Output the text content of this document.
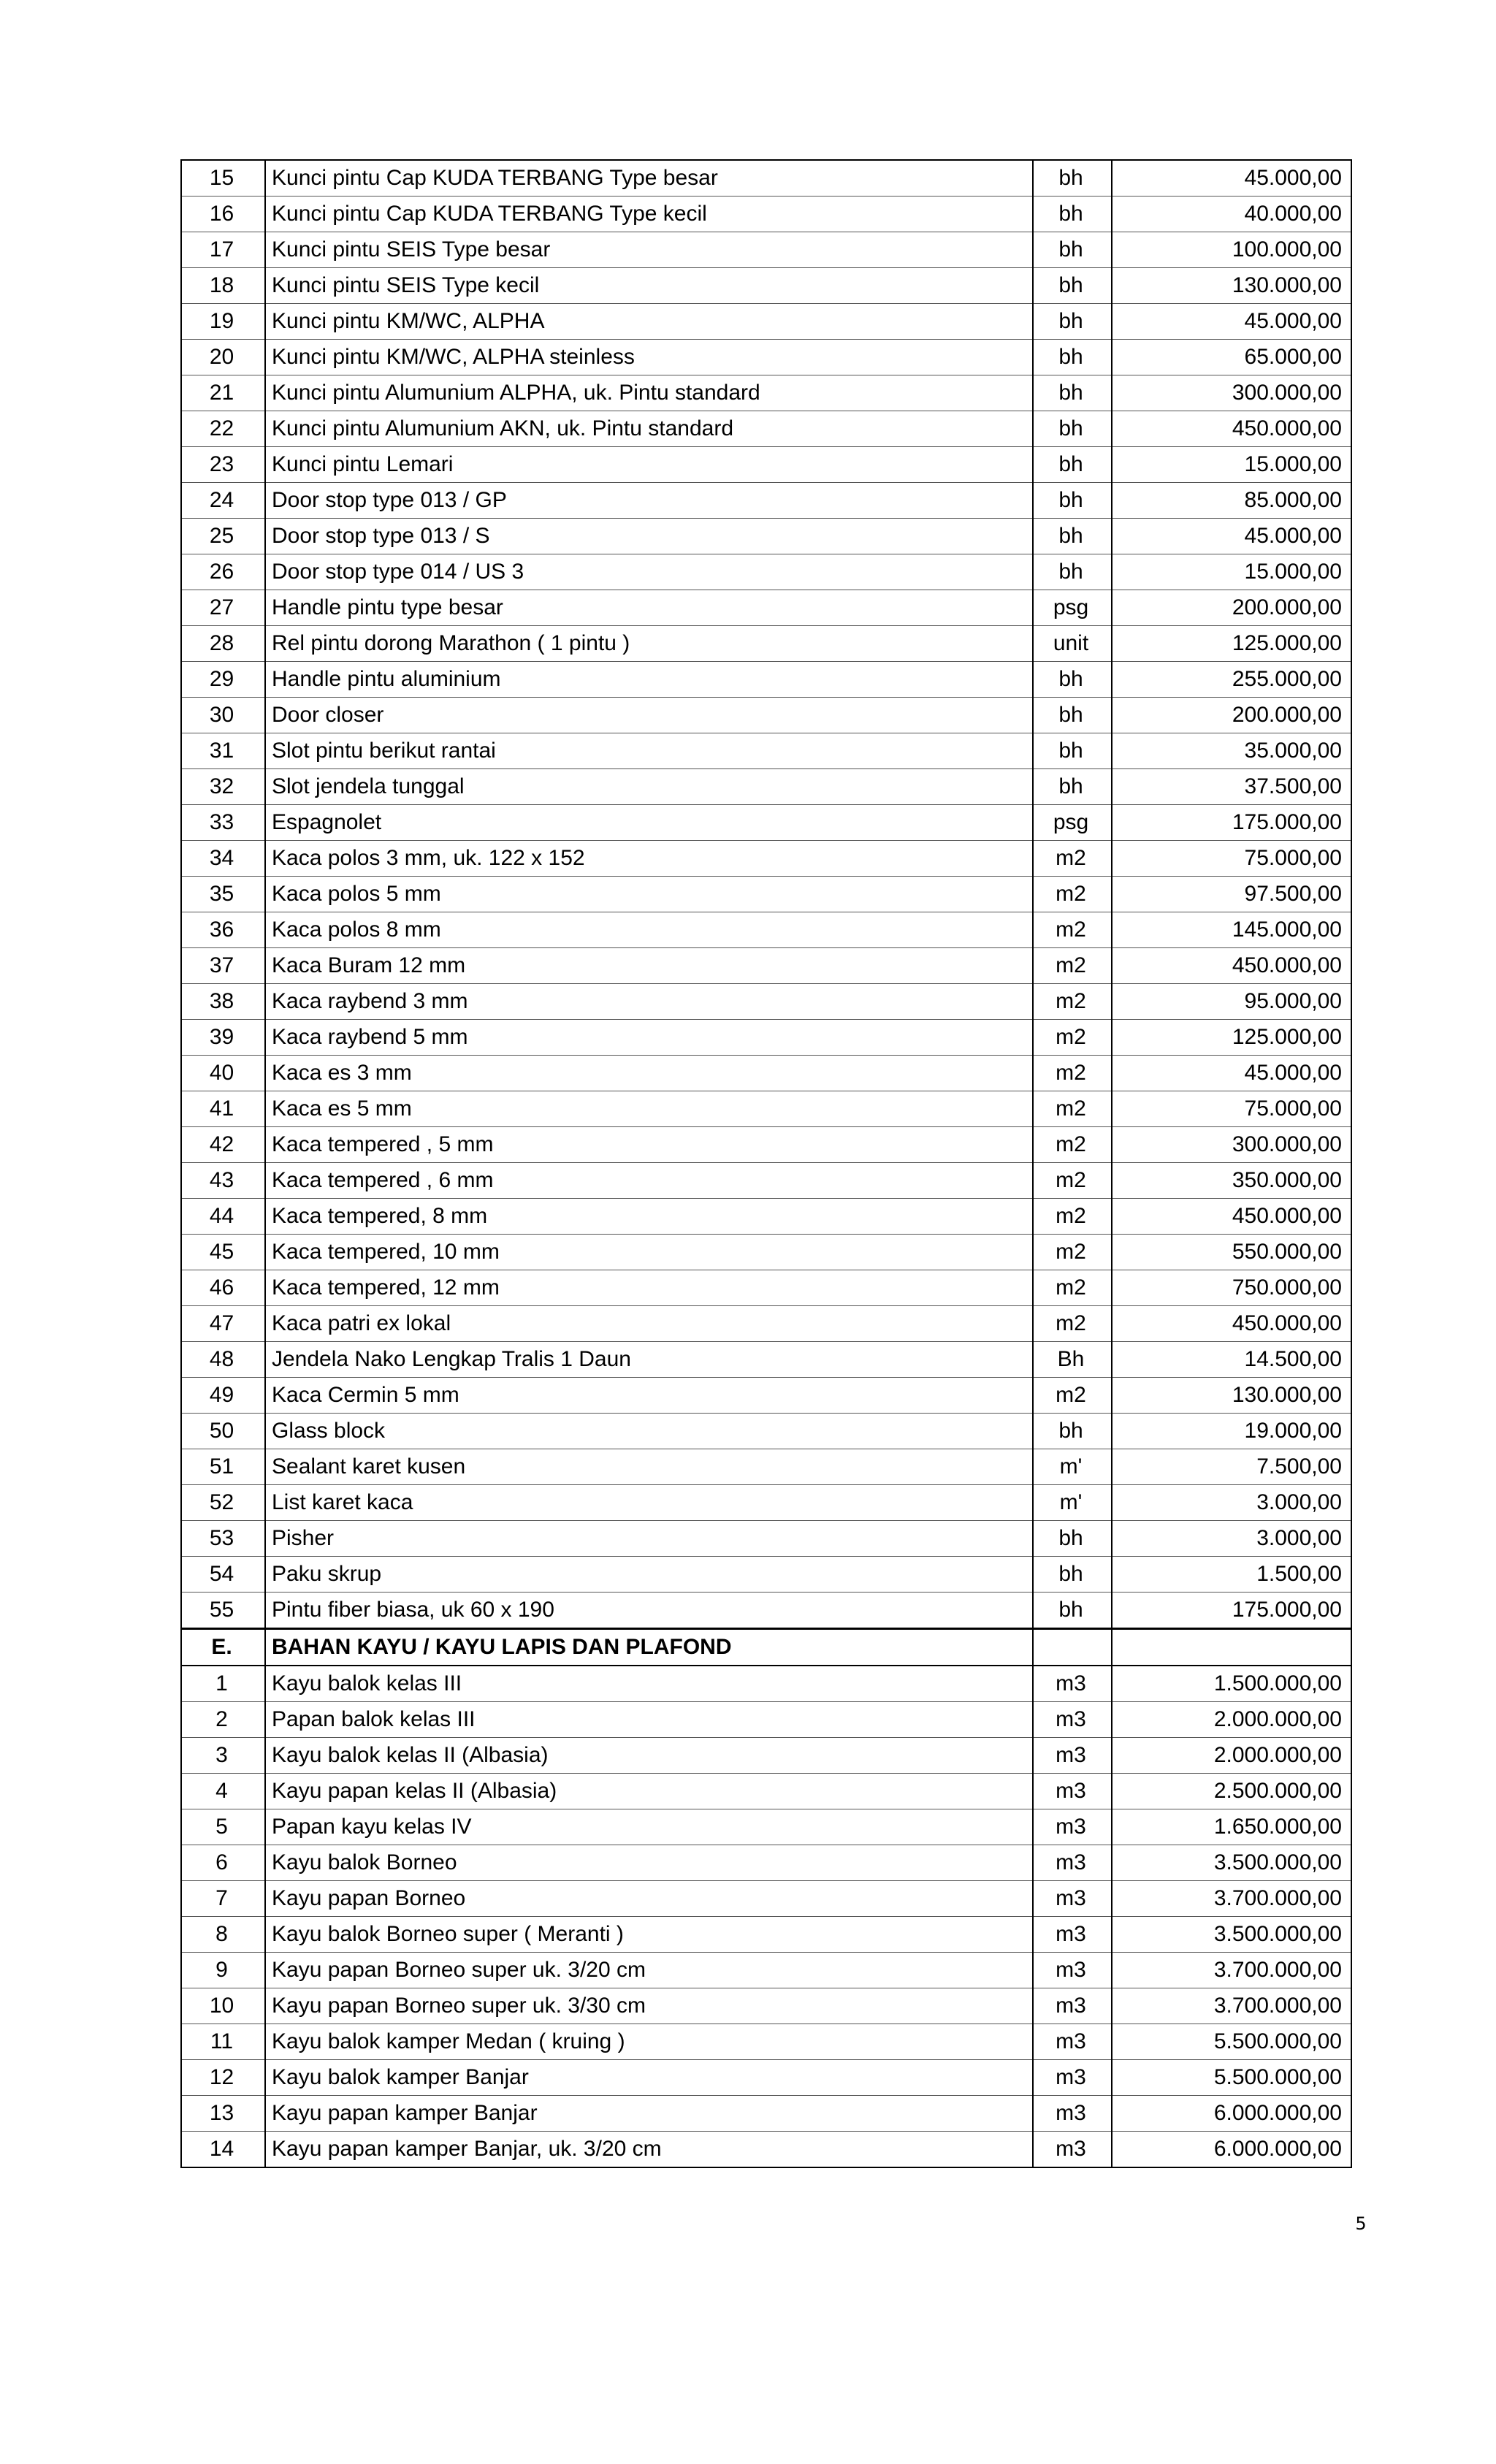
15	Kunci pintu Cap KUDA TERBANG Type besar	bh	45.000,00
16	Kunci pintu Cap KUDA TERBANG Type kecil	bh	40.000,00
17	Kunci pintu SEIS Type besar	bh	100.000,00
18	Kunci pintu SEIS Type kecil	bh	130.000,00
19	Kunci pintu KM/WC, ALPHA	bh	45.000,00
20	Kunci pintu KM/WC, ALPHA steinless	bh	65.000,00
21	Kunci pintu Alumunium ALPHA, uk. Pintu standard	bh	300.000,00
22	Kunci pintu Alumunium AKN, uk. Pintu standard	bh	450.000,00
23	Kunci pintu Lemari	bh	15.000,00
24	Door stop type 013 / GP	bh	85.000,00
25	Door stop type 013 / S	bh	45.000,00
26	Door stop type 014 / US 3	bh	15.000,00
27	Handle pintu type besar	psg	200.000,00
28	Rel pintu dorong Marathon ( 1 pintu )	unit	125.000,00
29	Handle pintu aluminium	bh	255.000,00
30	Door closer	bh	200.000,00
31	Slot pintu berikut rantai	bh	35.000,00
32	Slot jendela tunggal	bh	37.500,00
33	Espagnolet	psg	175.000,00
34	Kaca polos 3 mm, uk. 122 x 152	m2	75.000,00
35	Kaca polos 5 mm	m2	97.500,00
36	Kaca polos 8 mm	m2	145.000,00
37	Kaca Buram 12 mm	m2	450.000,00
38	Kaca raybend 3 mm	m2	95.000,00
39	Kaca raybend 5 mm	m2	125.000,00
40	Kaca es 3 mm	m2	45.000,00
41	Kaca es 5 mm	m2	75.000,00
42	Kaca tempered , 5 mm	m2	300.000,00
43	Kaca tempered , 6 mm	m2	350.000,00
44	Kaca tempered, 8 mm	m2	450.000,00
45	Kaca tempered, 10 mm	m2	550.000,00
46	Kaca tempered, 12 mm	m2	750.000,00
47	Kaca patri ex lokal	m2	450.000,00
48	Jendela Nako Lengkap Tralis 1 Daun	Bh	14.500,00
49	Kaca Cermin 5 mm	m2	130.000,00
50	Glass block	bh	19.000,00
51	Sealant karet kusen	m'	7.500,00
52	List karet kaca	m'	3.000,00
53	Pisher	bh	3.000,00
54	Paku skrup	bh	1.500,00
55	Pintu fiber biasa, uk 60 x 190	bh	175.000,00
E.	BAHAN KAYU / KAYU LAPIS DAN PLAFOND		
1	Kayu balok kelas III	m3	1.500.000,00
2	Papan balok kelas III	m3	2.000.000,00
3	Kayu balok kelas II (Albasia)	m3	2.000.000,00
4	Kayu papan kelas II (Albasia)	m3	2.500.000,00
5	Papan kayu kelas IV	m3	1.650.000,00
6	Kayu balok Borneo	m3	3.500.000,00
7	Kayu papan Borneo	m3	3.700.000,00
8	Kayu balok Borneo super ( Meranti )	m3	3.500.000,00
9	Kayu papan Borneo super uk. 3/20 cm	m3	3.700.000,00
10	Kayu papan Borneo super uk. 3/30 cm	m3	3.700.000,00
11	Kayu balok kamper Medan ( kruing )	m3	5.500.000,00
12	Kayu balok kamper Banjar	m3	5.500.000,00
13	Kayu papan kamper Banjar	m3	6.000.000,00
14	Kayu papan kamper Banjar, uk. 3/20 cm	m3	6.000.000,00
5
